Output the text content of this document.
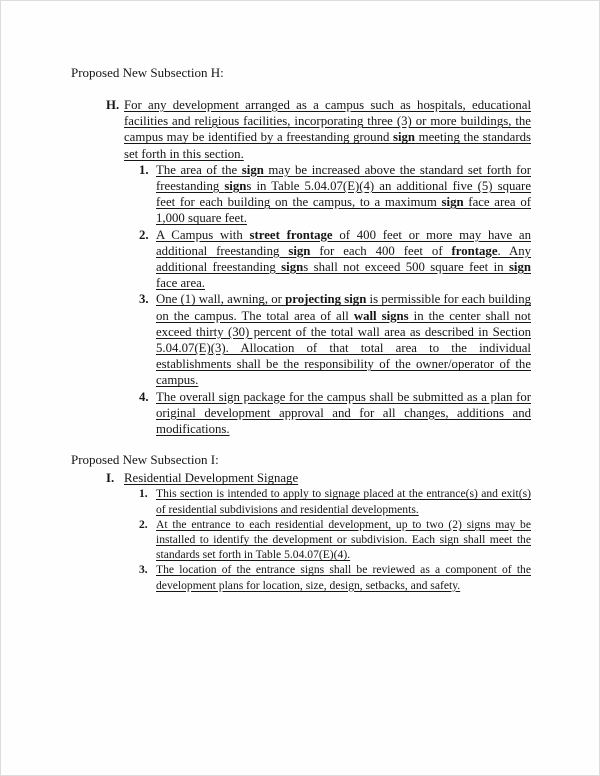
Proposed New Subsection H:
H. For any development arranged as a campus such as hospitals, educational facilities and religious facilities, incorporating three (3) or more buildings, the campus may be identified by a freestanding ground sign meeting the standards set forth in this section.
1. The area of the sign may be increased above the standard set forth for freestanding signs in Table 5.04.07(E)(4) an additional five (5) square feet for each building on the campus, to a maximum sign face area of 1,000 square feet.
2. A Campus with street frontage of 400 feet or more may have an additional freestanding sign for each 400 feet of frontage. Any additional freestanding signs shall not exceed 500 square feet in sign face area.
3. One (1) wall, awning, or projecting sign is permissible for each building on the campus. The total area of all wall signs in the center shall not exceed thirty (30) percent of the total wall area as described in Section 5.04.07(E)(3). Allocation of that total area to the individual establishments shall be the responsibility of the owner/operator of the campus.
4. The overall sign package for the campus shall be submitted as a plan for original development approval and for all changes, additions and modifications.
Proposed New Subsection I:
I. Residential Development Signage
1. This section is intended to apply to signage placed at the entrance(s) and exit(s) of residential subdivisions and residential developments.
2. At the entrance to each residential development, up to two (2) signs may be installed to identify the development or subdivision. Each sign shall meet the standards set forth in Table 5.04.07(E)(4).
3. The location of the entrance signs shall be reviewed as a component of the development plans for location, size, design, setbacks, and safety.
